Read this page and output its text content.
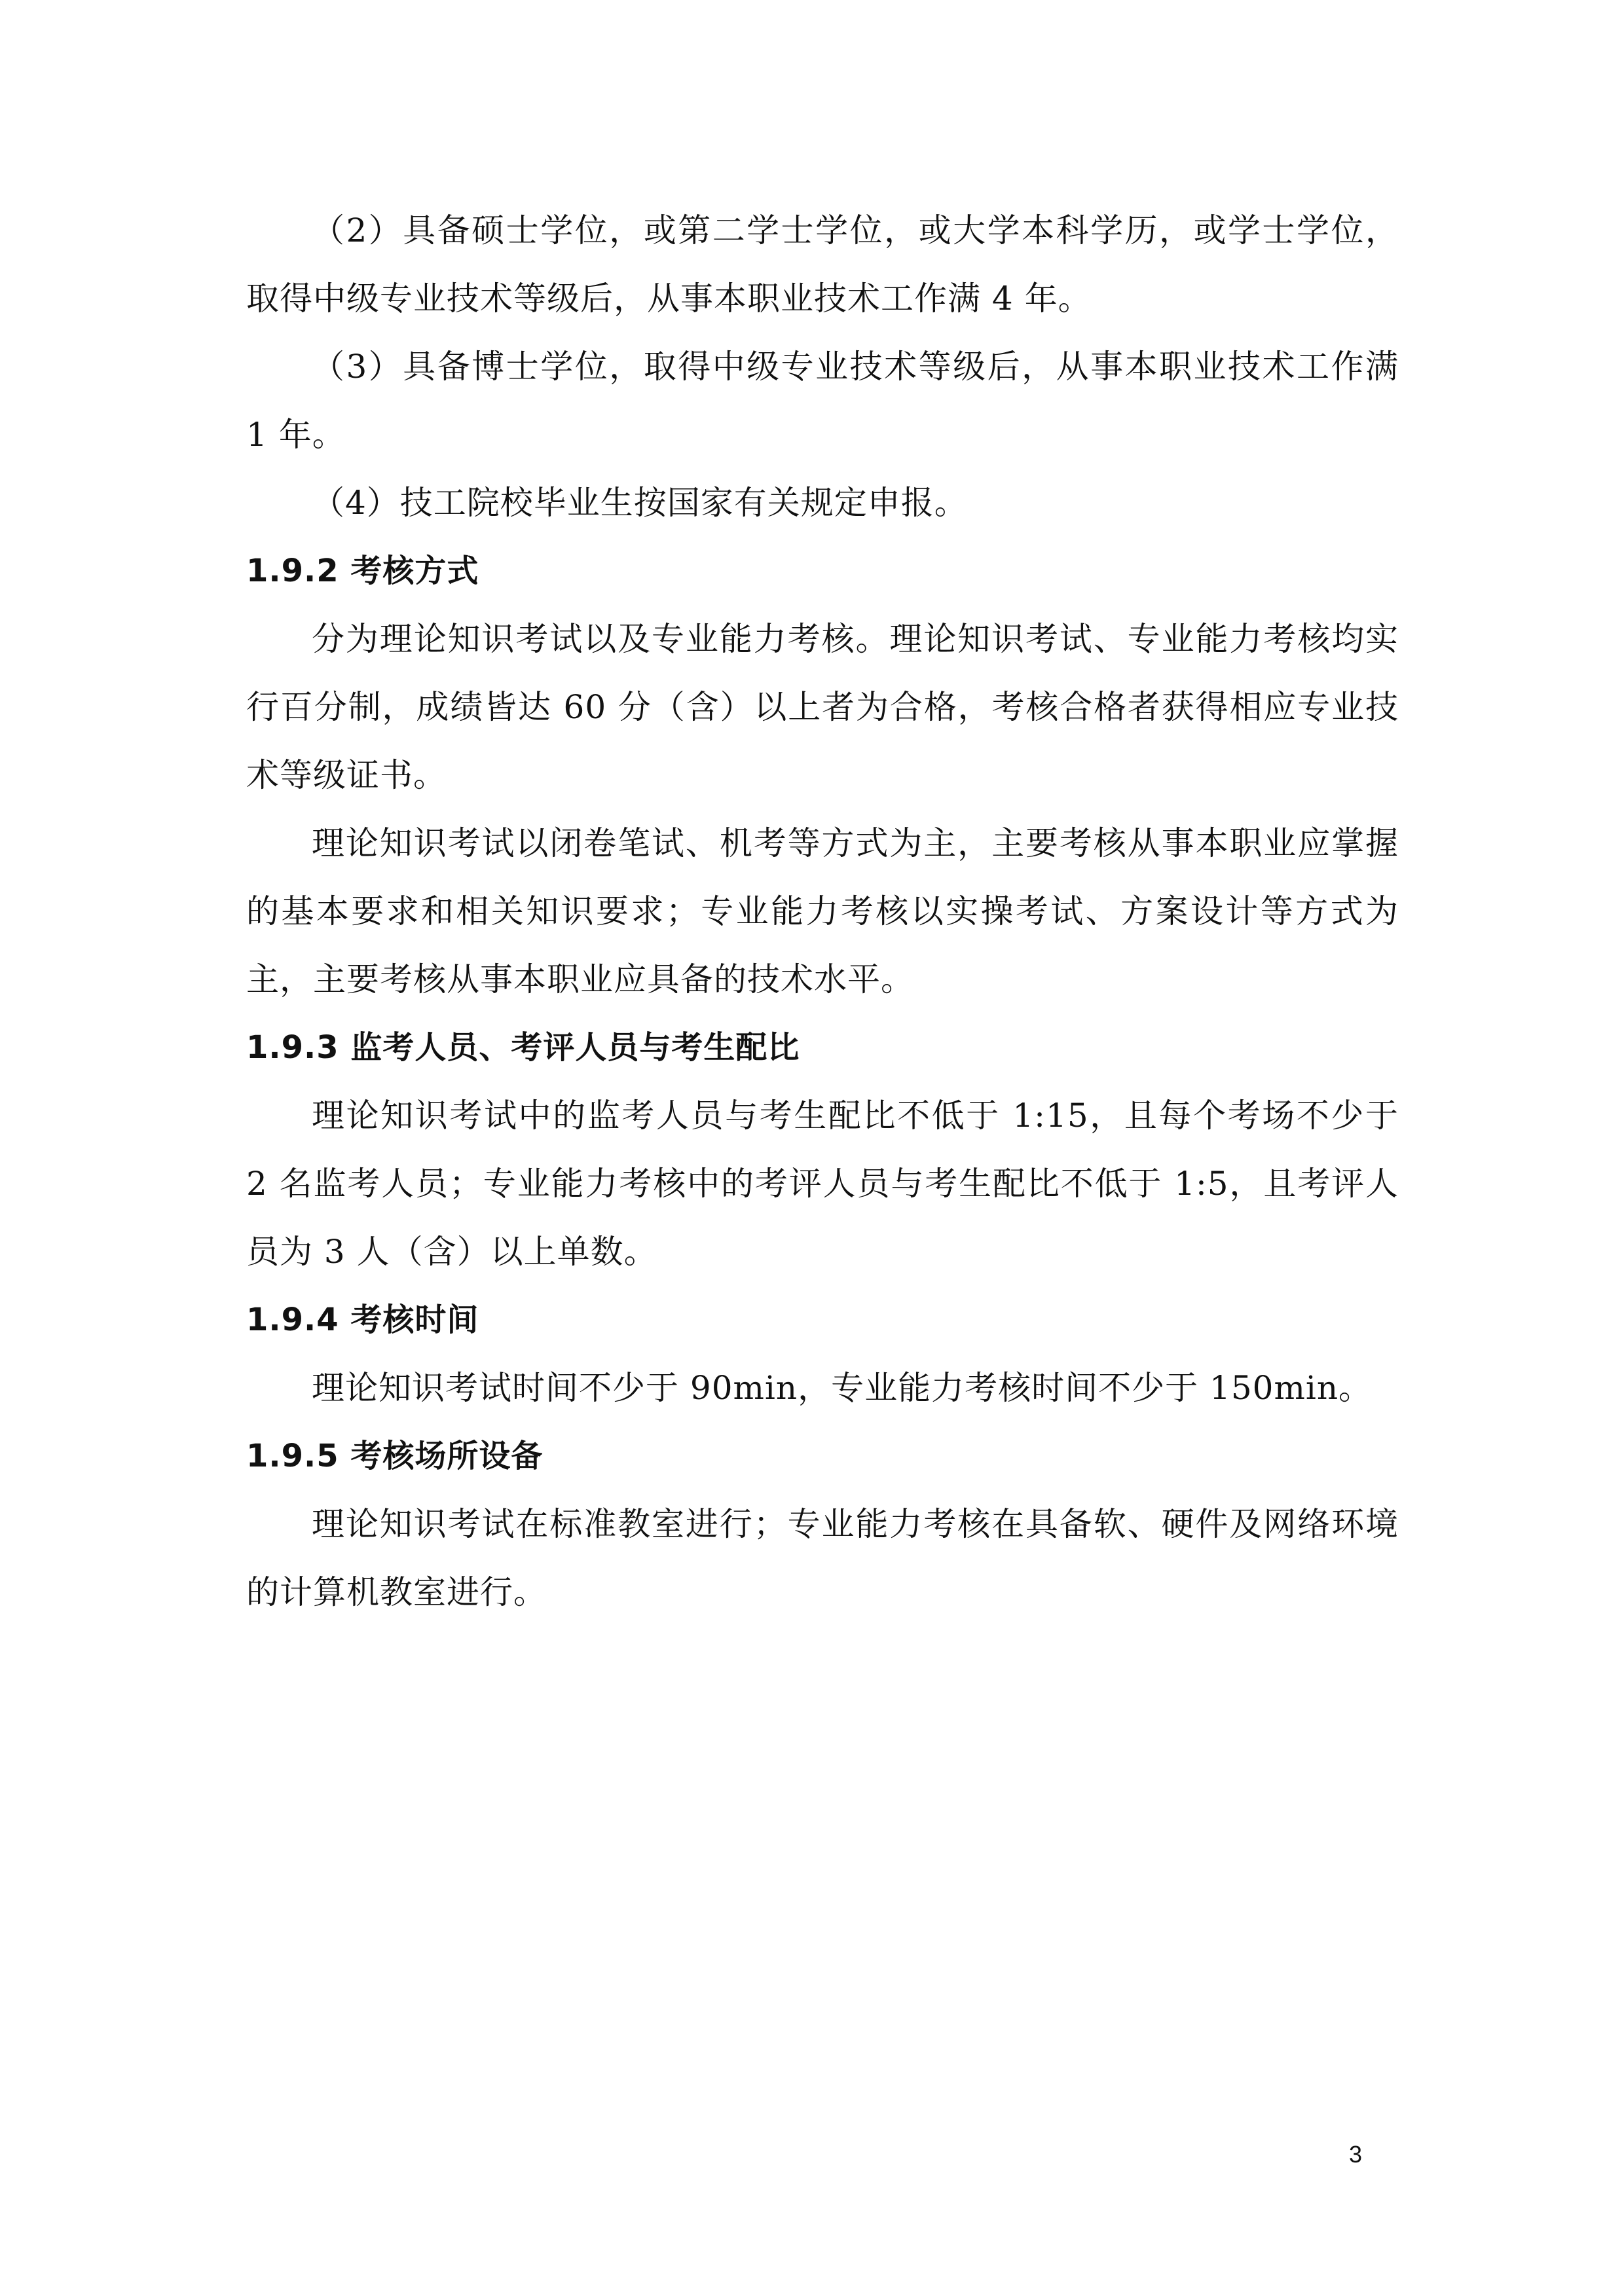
（2）具备硕士学位，或第二学士学位，或大学本科学历，或学士学位，取得中级专业技术等级后，从事本职业技术工作满 4 年。

（3）具备博士学位，取得中级专业技术等级后，从事本职业技术工作满 1 年。

（4）技工院校毕业生按国家有关规定申报。

1.9.2 考核方式

分为理论知识考试以及专业能力考核。理论知识考试、专业能力考核均实行百分制，成绩皆达 60 分（含）以上者为合格，考核合格者获得相应专业技术等级证书。

理论知识考试以闭卷笔试、机考等方式为主，主要考核从事本职业应掌握的基本要求和相关知识要求；专业能力考核以实操考试、方案设计等方式为主，主要考核从事本职业应具备的技术水平。

1.9.3 监考人员、考评人员与考生配比

理论知识考试中的监考人员与考生配比不低于 1:15，且每个考场不少于 2 名监考人员；专业能力考核中的考评人员与考生配比不低于 1:5，且考评人员为 3 人（含）以上单数。

1.9.4 考核时间

理论知识考试时间不少于 90min，专业能力考核时间不少于 150min。

1.9.5 考核场所设备

理论知识考试在标准教室进行；专业能力考核在具备软、硬件及网络环境的计算机教室进行。

3
